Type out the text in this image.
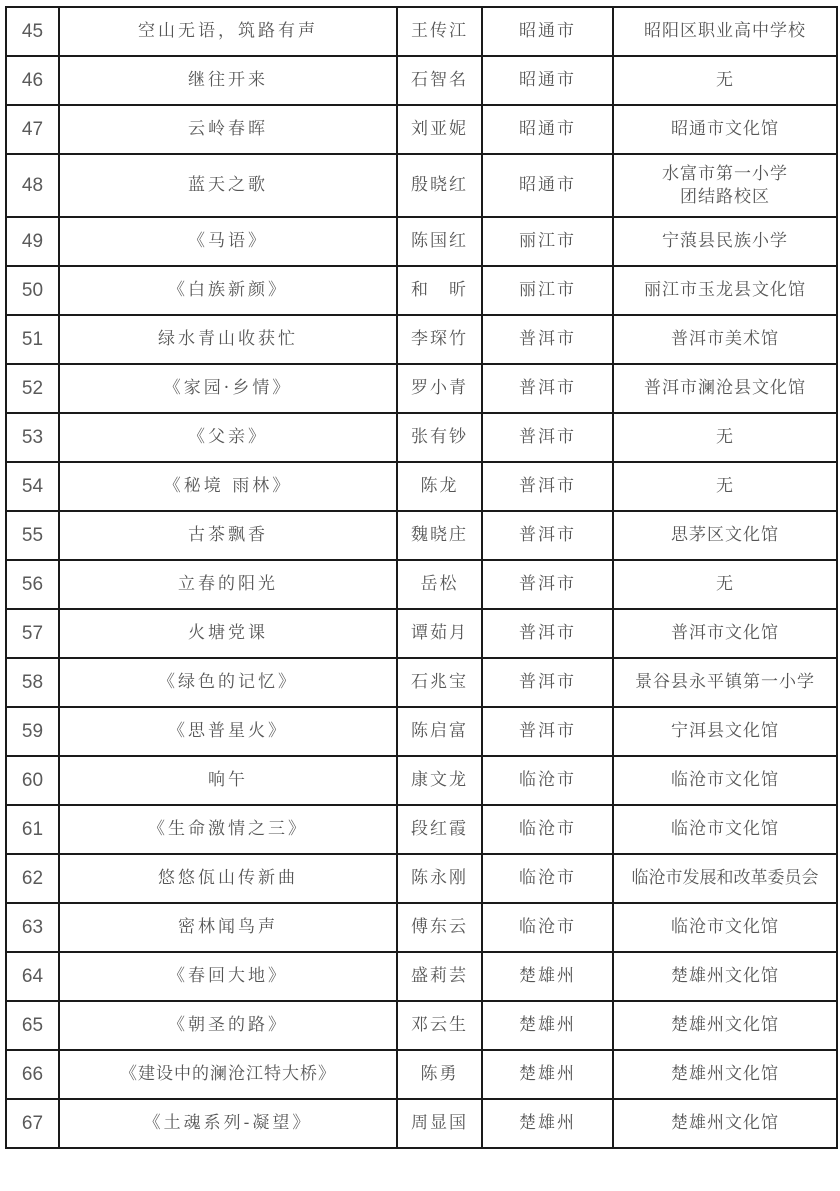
45	空山无语，筑路有声	王传江	昭通市	昭阳区职业高中学校
46	继往开来	石智名	昭通市	无
47	云岭春晖	刘亚妮	昭通市	昭通市文化馆
48	蓝天之歌	殷晓红	昭通市	水富市第一小学
团结路校区

49	《马语》	陈国红	丽江市	宁蒗县民族小学
50	《白族新颜》	和　昕	丽江市	丽江市玉龙县文化馆
51	绿水青山收获忙	李琛竹	普洱市	普洱市美术馆
52	《家园·乡情》	罗小青	普洱市	普洱市澜沧县文化馆
53	《父亲》	张有钞	普洱市	无
54	《秘境 雨林》	陈龙	普洱市	无
55	古茶飘香	魏晓庄	普洱市	思茅区文化馆
56	立春的阳光	岳松	普洱市	无
57	火塘党课	谭茹月	普洱市	普洱市文化馆
58	《绿色的记忆》	石兆宝	普洱市	景谷县永平镇第一小学
59	《思普星火》	陈启富	普洱市	宁洱县文化馆
60	响午	康文龙	临沧市	临沧市文化馆
61	《生命激情之三》	段红霞	临沧市	临沧市文化馆
62	悠悠佤山传新曲	陈永刚	临沧市	临沧市发展和改革委员会
63	密林闻鸟声	傅东云	临沧市	临沧市文化馆
64	《春回大地》	盛莉芸	楚雄州	楚雄州文化馆
65	《朝圣的路》	邓云生	楚雄州	楚雄州文化馆
66	《建设中的澜沧江特大桥》	陈勇	楚雄州	楚雄州文化馆
67	《土魂系列-凝望》	周显国	楚雄州	楚雄州文化馆
